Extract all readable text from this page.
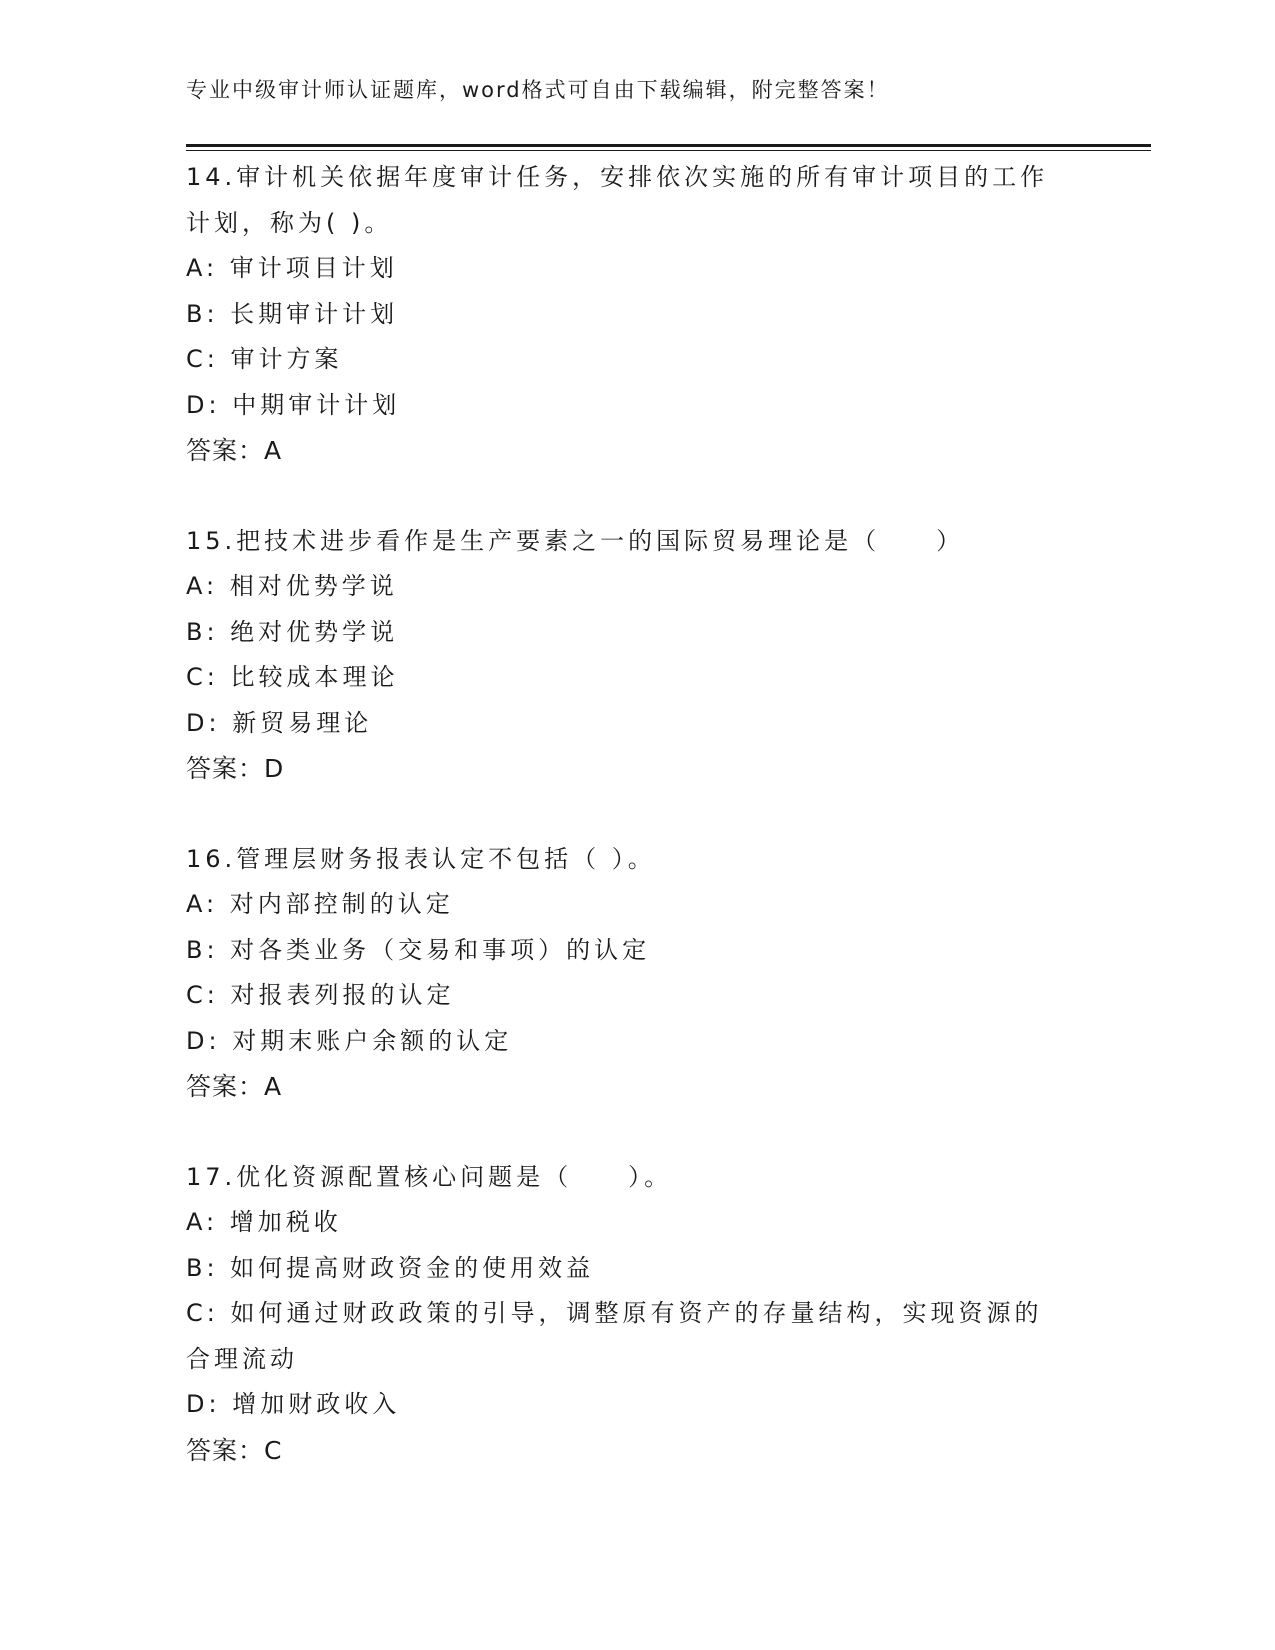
专业中级审计师认证题库，word格式可自由下载编辑，附完整答案！
14.审计机关依据年度审计任务，安排依次实施的所有审计项目的工作
计划，称为( )。
A: 审计项目计划
B: 长期审计计划
C: 审计方案
D: 中期审计计划
答案：A
15.把技术进步看作是生产要素之一的国际贸易理论是（　　）
A: 相对优势学说
B: 绝对优势学说
C: 比较成本理论
D: 新贸易理论
答案：D
16.管理层财务报表认定不包括（ ）。
A: 对内部控制的认定
B: 对各类业务（交易和事项）的认定
C: 对报表列报的认定
D: 对期末账户余额的认定
答案：A
17.优化资源配置核心问题是（　　）。
A: 增加税收
B: 如何提高财政资金的使用效益
C: 如何通过财政政策的引导，调整原有资产的存量结构，实现资源的
合理流动
D: 增加财政收入
答案：C
